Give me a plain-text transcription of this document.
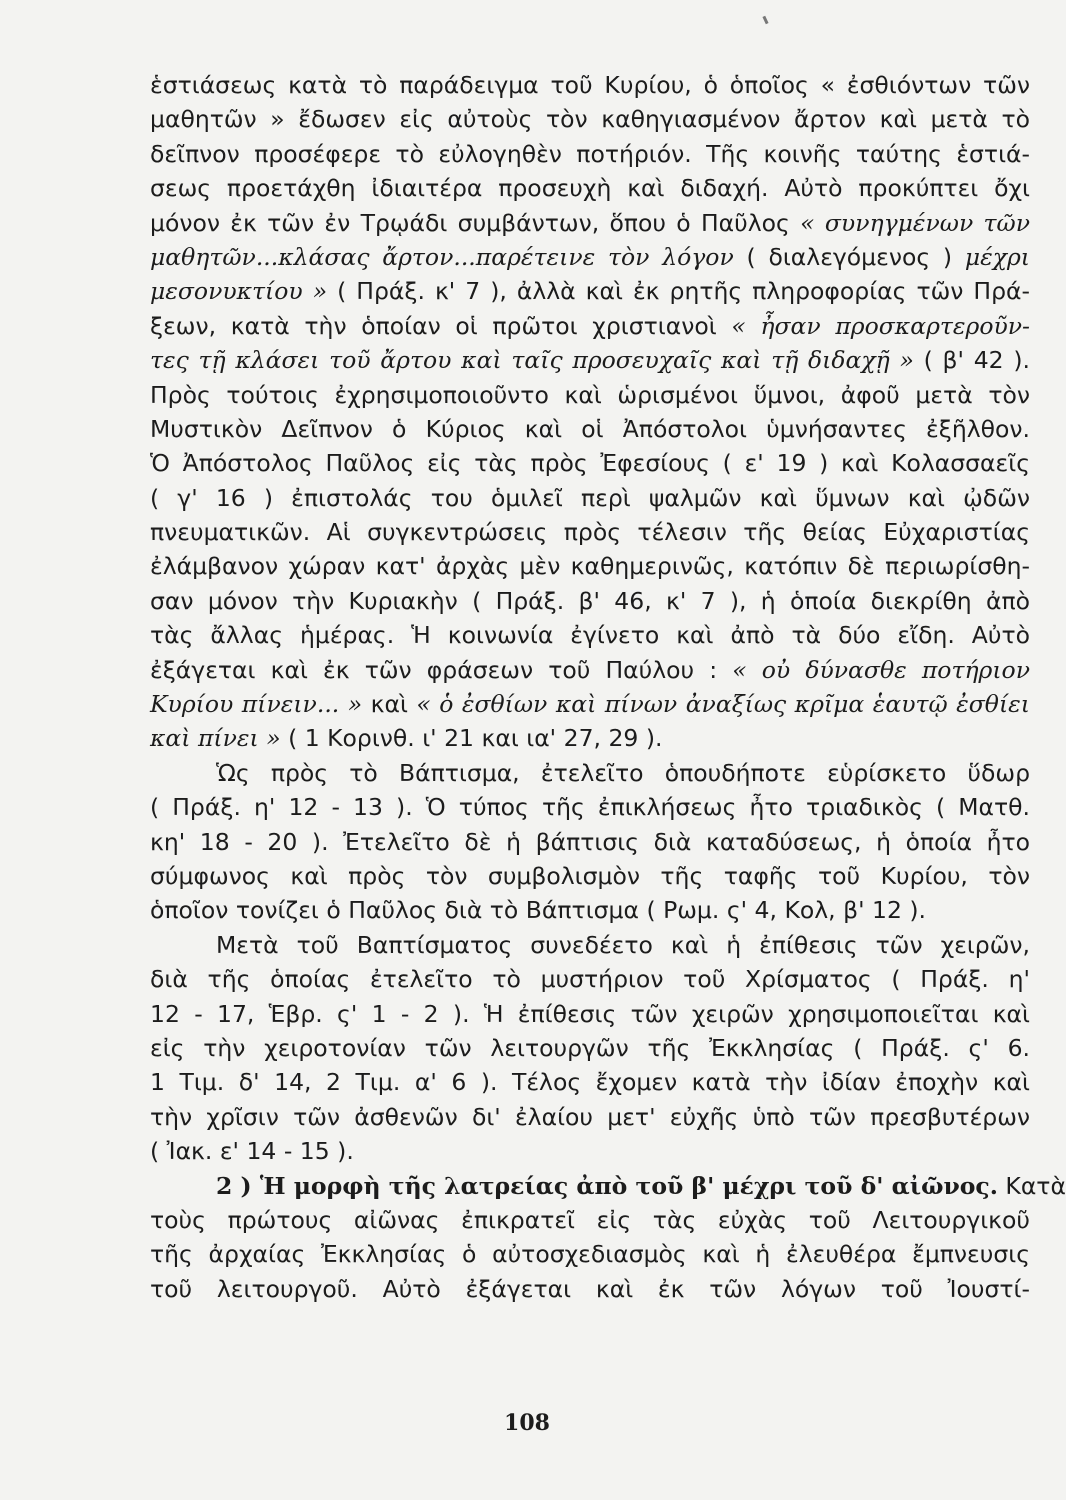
ἑστιάσεως κατὰ τὸ παράδειγμα τοῦ Κυρίου, ὁ ὁποῖος « ἐσθιόντων τῶν
μαθητῶν » ἔδωσεν εἰς αὐτοὺς τὸν καθηγιασμένον ἄρτον καὶ μετὰ τὸ
δεῖπνον προσέφερε τὸ εὐλογηθὲν ποτήριόν. Τῆς κοινῆς ταύτης ἑστιά-
σεως προετάχθη ἰδιαιτέρα προσευχὴ καὶ διδαχή. Αὐτὸ προκύπτει ὄχι
μόνον ἐκ τῶν ἐν Τρῳάδι συμβάντων, ὅπου ὁ Παῦλος « συνηγμένων τῶν
μαθητῶν...κλάσας ἄρτον...παρέτεινε τὸν λόγον ( διαλεγόμενος ) μέχρι
μεσονυκτίου » ( Πράξ. κ' 7 ), ἀλλὰ καὶ ἐκ ρητῆς πληροφορίας τῶν Πρά-
ξεων, κατὰ τὴν ὁποίαν οἱ πρῶτοι χριστιανοὶ « ἦσαν προσκαρτεροῦν-
τες τῇ κλάσει τοῦ ἄρτου καὶ ταῖς προσευχαῖς καὶ τῇ διδαχῇ » ( β' 42 ).
Πρὸς τούτοις ἐχρησιμοποιοῦντο καὶ ὡρισμένοι ὕμνοι, ἀφοῦ μετὰ τὸν
Μυστικὸν Δεῖπνον ὁ Κύριος καὶ οἱ Ἀπόστολοι ὑμνήσαντες ἐξῆλθον.
Ὁ Ἀπόστολος Παῦλος εἰς τὰς πρὸς Ἐφεσίους ( ε' 19 ) καὶ Κολασσαεῖς
( γ' 16 ) ἐπιστολάς του ὁμιλεῖ περὶ ψαλμῶν καὶ ὕμνων καὶ ᾠδῶν
πνευματικῶν. Αἱ συγκεντρώσεις πρὸς τέλεσιν τῆς θείας Εὐχαριστίας
ἐλάμβανον χώραν κατ' ἀρχὰς μὲν καθημερινῶς, κατόπιν δὲ περιωρίσθη-
σαν μόνον τὴν Κυριακὴν ( Πράξ. β' 46, κ' 7 ), ἡ ὁποία διεκρίθη ἀπὸ
τὰς ἄλλας ἡμέρας. Ἡ κοινωνία ἐγίνετο καὶ ἀπὸ τὰ δύο εἴδη. Αὐτὸ
ἐξάγεται καὶ ἐκ τῶν φράσεων τοῦ Παύλου : « οὐ δύνασθε ποτήριον
Κυρίου πίνειν... » καὶ « ὁ ἐσθίων καὶ πίνων ἀναξίως κρῖμα ἑαυτῷ ἐσθίει
καὶ πίνει » ( 1 Κορινθ. ι' 21 και ια' 27, 29 ).
Ὡς πρὸς τὸ Βάπτισμα, ἐτελεῖτο ὁπουδήποτε εὑρίσκετο ὕδωρ
( Πράξ. η' 12 - 13 ). Ὁ τύπος τῆς ἐπικλήσεως ἦτο τριαδικὸς ( Ματθ.
κη' 18 - 20 ). Ἐτελεῖτο δὲ ἡ βάπτισις διὰ καταδύσεως, ἡ ὁποία ἦτο
σύμφωνος καὶ πρὸς τὸν συμβολισμὸν τῆς ταφῆς τοῦ Κυρίου, τὸν
ὁποῖον τονίζει ὁ Παῦλος διὰ τὸ Βάπτισμα ( Ρωμ. ς' 4, Κολ, β' 12 ).
Μετὰ τοῦ Βαπτίσματος συνεδέετο καὶ ἡ ἐπίθεσις τῶν χειρῶν,
διὰ τῆς ὁποίας ἐτελεῖτο τὸ μυστήριον τοῦ Χρίσματος ( Πράξ. η'
12 - 17, Ἑβρ. ς' 1 - 2 ). Ἡ ἐπίθεσις τῶν χειρῶν χρησιμοποιεῖται καὶ
εἰς τὴν χειροτονίαν τῶν λειτουργῶν τῆς Ἐκκλησίας ( Πράξ. ς' 6.
1 Τιμ. δ' 14, 2 Τιμ. α' 6 ). Τέλος ἔχομεν κατὰ τὴν ἰδίαν ἐποχὴν καὶ
τὴν χρῖσιν τῶν ἀσθενῶν δι' ἐλαίου μετ' εὐχῆς ὑπὸ τῶν πρεσβυτέρων
( Ἰακ. ε' 14 - 15 ).
2 ) Ἡ μορφὴ τῆς λατρείας ἀπὸ τοῦ β' μέχρι τοῦ δ' αἰῶνος. Κατὰ
τοὺς πρώτους αἰῶνας ἐπικρατεῖ εἰς τὰς εὐχὰς τοῦ Λειτουργικοῦ
τῆς ἀρχαίας Ἐκκλησίας ὁ αὐτοσχεδιασμὸς καὶ ἡ ἐλευθέρα ἔμπνευσις
τοῦ λειτουργοῦ. Αὐτὸ ἐξάγεται καὶ ἐκ τῶν λόγων τοῦ Ἰουστί-
108
